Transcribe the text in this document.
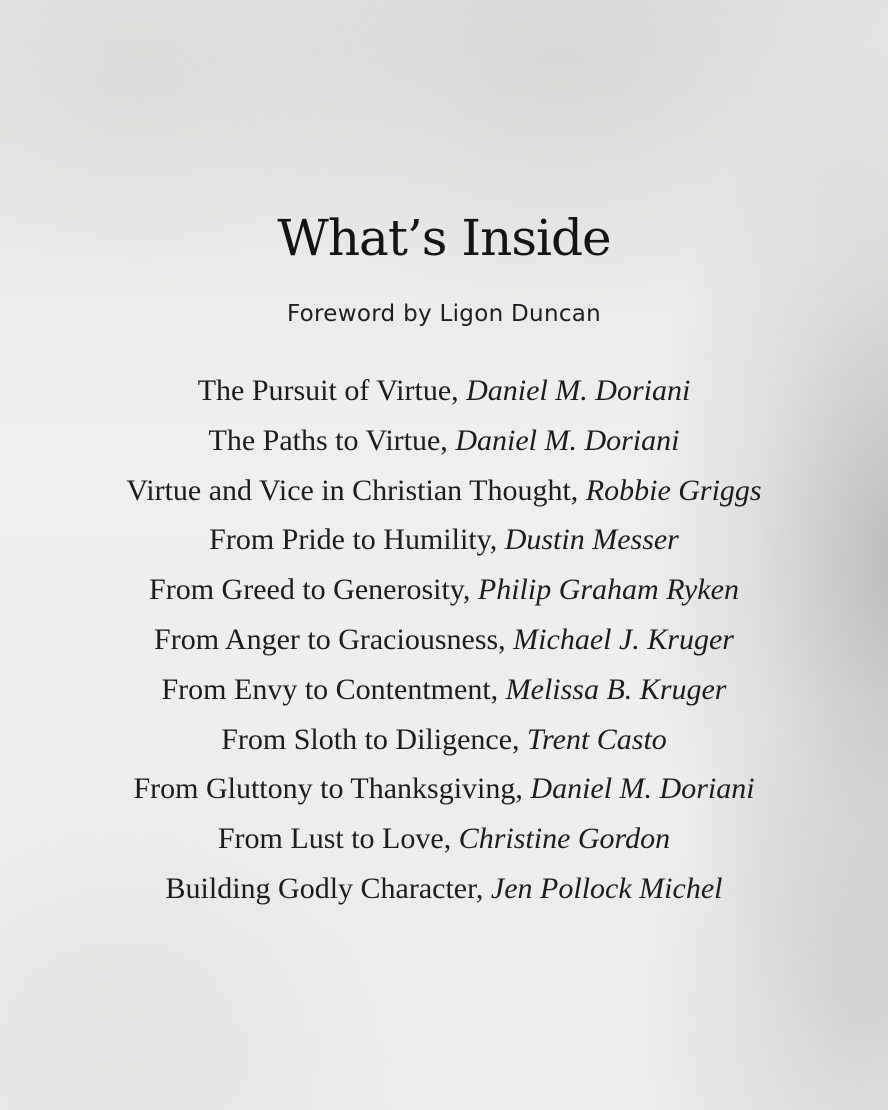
What’s Inside
Foreword by Ligon Duncan
The Pursuit of Virtue, Daniel M. Doriani
The Paths to Virtue, Daniel M. Doriani
Virtue and Vice in Christian Thought, Robbie Griggs
From Pride to Humility, Dustin Messer
From Greed to Generosity, Philip Graham Ryken
From Anger to Graciousness, Michael J. Kruger
From Envy to Contentment, Melissa B. Kruger
From Sloth to Diligence, Trent Casto
From Gluttony to Thanksgiving, Daniel M. Doriani
From Lust to Love, Christine Gordon
Building Godly Character, Jen Pollock Michel
